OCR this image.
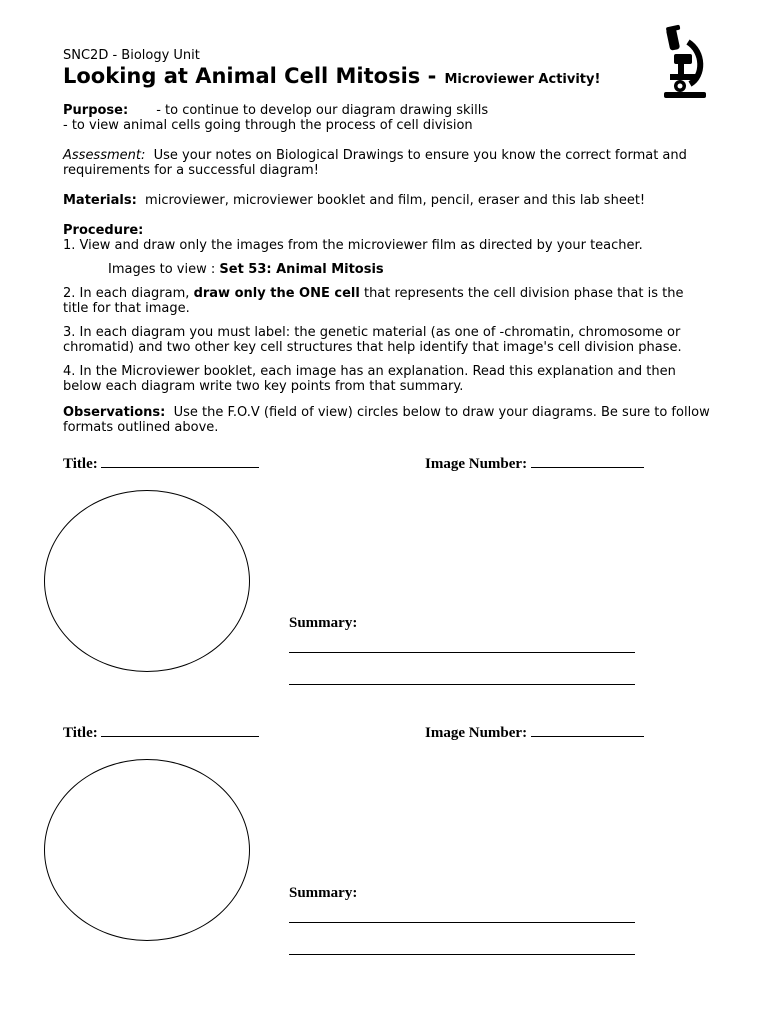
SNC2D - Biology Unit
Looking at Animal Cell Mitosis - Microviewer Activity!
Purpose: - to continue to develop our diagram drawing skills
- to view animal cells going through the process of cell division
Assessment: Use your notes on Biological Drawings to ensure you know the correct format and requirements for a successful diagram!
Materials: microviewer, microviewer booklet and film, pencil, eraser and this lab sheet!
Procedure:
1. View and draw only the images from the microviewer film as directed by your teacher.
Images to view : Set 53: Animal Mitosis
2. In each diagram, draw only the ONE cell that represents the cell division phase that is the title for that image.
3. In each diagram you must label: the genetic material (as one of -chromatin, chromosome or chromatid) and two other key cell structures that help identify that image's cell division phase.
4. In the Microviewer booklet, each image has an explanation. Read this explanation and then below each diagram write two key points from that summary.
Observations: Use the F.O.V (field of view) circles below to draw your diagrams. Be sure to follow formats outlined above.
Title:	Image Number:
Summary:
Title:	Image Number:
Summary:
